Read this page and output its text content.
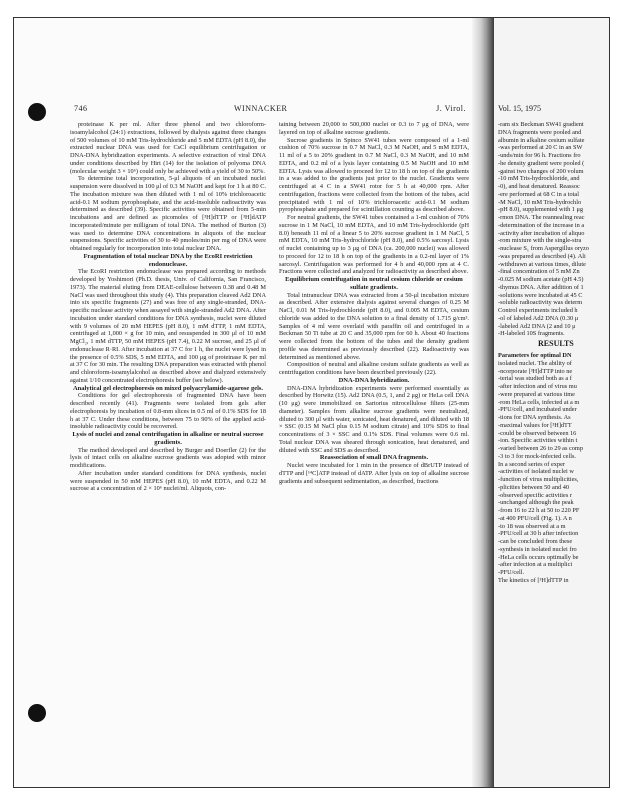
746	WINNACKER	J. Virol.

proteinase K per ml. After three phenol and two chloroform-isoamylalcohol (24:1) extractions, followed by dialysis against three changes of 500 volumes of 10 mM Tris-hydrochloride and 5 mM EDTA (pH 8.0), the extracted nuclear DNA was used for CsCl equilibrium centrifugation or DNA-DNA hybridization experiments. A selective extraction of viral DNA under conditions described by Hirt (14) for the isolation of polyoma DNA (molecular weight 3 × 10⁶) could only be achieved with a yield of 30 to 50%.

To determine total incorporation, 5-μl aliquots of an incubated nuclei suspension were dissolved in 100 μl of 0.3 M NaOH and kept for 1 h at 80 C. The incubation mixture was then diluted with 1 ml of 10% trichloroacetic acid-0.1 M sodium pyrophosphate, and the acid-insoluble radioactivity was determined as described (39). Specific activities were obtained from 5-min incubations and are defined as picomoles of [³H]dTTP or [³H]dATP incorporated/minute per milligram of total DNA. The method of Burton (3) was used to determine DNA concentrations in aliquots of the nuclear suspensions. Specific activities of 30 to 40 pmoles/min per mg of DNA were obtained regularly for incorporation into total nuclear DNA.

Fragmentation of total nuclear DNA by the EcoRI restriction endonuclease.

The EcoRI restriction endonuclease was prepared according to methods developed by Yoshimori (Ph.D. thesis, Univ. of California, San Francisco, 1973). The material eluting from DEAE-cellulose between 0.38 and 0.48 M NaCl was used throughout this study (4). This preparation cleaved Ad2 DNA into six specific fragments (27) and was free of any single-stranded, DNA-specific nuclease activity when assayed with single-stranded Ad2 DNA. After incubation under standard conditions for DNA synthesis, nuclei were diluted with 9 volumes of 20 mM HEPES (pH 8.0), 1 mM dTTP, 1 mM EDTA, centrifuged at 1,000 × g for 10 min, and resuspended in 300 μl of 10 mM MgCl₂, 1 mM dTTP, 50 mM HEPES (pH 7.4), 0.22 M sucrose, and 25 μl of endonuclease R·RI. After incubation at 37 C for 1 h, the nuclei were lysed in the presence of 0.5% SDS, 5 mM EDTA, and 100 μg of proteinase K per ml at 37 C for 30 min. The resulting DNA preparation was extracted with phenol and chloroform-isoamylalcohol as described above and dialyzed extensively against 1/10 concentrated electrophoresis buffer (see below).

Analytical gel electrophoresis on mixed polyacrylamide-agarose gels.

Conditions for gel electrophoresis of fragmented DNA have been described recently (41). Fragments were isolated from gels after electrophoresis by incubation of 0.8-mm slices in 0.5 ml of 0.1% SDS for 18 h at 37 C. Under these conditions, between 75 to 90% of the applied acid-insoluble radioactivity could be recovered.

Lysis of nuclei and zonal centrifugation in alkaline or neutral sucrose gradients.

The method developed and described by Burger and Doerfler (2) for the lysis of intact cells on alkaline sucrose gradients was adopted with minor modifications.

After incubation under standard conditions for DNA synthesis, nuclei were suspended in 50 mM HEPES (pH 8.0), 10 mM EDTA, and 0.22 M sucrose at a concentration of 2 × 10⁶ nuclei/ml. Aliquots, con-

taining between 20,000 to 500,000 nuclei or 0.3 to 7 μg of DNA, were layered on top of alkaline sucrose gradients.

Sucrose gradients in Spinco SW41 tubes were composed of a 1-ml cushion of 70% sucrose in 0.7 M NaCl, 0.3 M NaOH, and 5 mM EDTA, 11 ml of a 5 to 20% gradient in 0.7 M NaCl, 0.3 M NaOH, and 10 mM EDTA, and 0.2 ml of a lysis layer containing 0.5 M NaOH and 10 mM EDTA. Lysis was allowed to proceed for 12 to 18 h on top of the gradients in a was added to the gradients just prior to the nuclei. Gradients were centrifuged at 4 C in a SW41 rotor for 5 h at 40,000 rpm. After centrifugation, fractions were collected from the bottom of the tubes, acid precipitated with 1 ml of 10% trichloroacetic acid-0.1 M sodium pyrophosphate and prepared for scintillation counting as described above.

For neutral gradients, the SW41 tubes contained a 1-ml cushion of 70% sucrose in 1 M NaCl, 10 mM EDTA, and 10 mM Tris-hydrochloride (pH 8.0) beneath 11 ml of a linear 5 to 20% sucrose gradient in 1 M NaCl, 5 mM EDTA, 10 mM Tris-hydrochloride (pH 8.0), and 0.5% sarcosyl. Lysis of nuclei containing up to 3 μg of DNA (ca. 200,000 nuclei) was allowed to proceed for 12 to 18 h on top of the gradients in a 0.2-ml layer of 1% sarcosyl. Centrifugation was performed for 4 h and 40,000 rpm at 4 C. Fractions were collected and analyzed for radioactivity as described above.

Equilibrium centrifugation in neutral cesium chloride or cesium sulfate gradients.

Total intranuclear DNA was extracted from a 50-μl incubation mixture as described. After extensive dialysis against several changes of 0.25 M NaCl, 0.01 M Tris-hydrochloride (pH 8.0), and 0.005 M EDTA, cesium chloride was added to the DNA solution to a final density of 1.715 g/cm³. Samples of 4 ml were overlaid with paraffin oil and centrifuged in a Beckman 50 Ti tube at 20 C and 35,000 rpm for 60 h. About 40 fractions were collected from the bottom of the tubes and the density gradient profile was determined as previously described (22). Radioactivity was determined as mentioned above.

Composition of neutral and alkaline cesium sulfate gradients as well as centrifugation conditions have been described previously (22).

DNA-DNA hybridization.

DNA-DNA hybridization experiments were performed essentially as described by Horwitz (15). Ad2 DNA (0.5, 1, and 2 μg) or HeLa cell DNA (10 μg) were immobilized on Sartorius nitrocellulose filters (25-mm diameter). Samples from alkaline sucrose gradients were neutralized, diluted to 300 μl with water, sonicated, heat denatured, and diluted with 18 × SSC (0.15 M NaCl plus 0.15 M sodium citrate) and 10% SDS to final concentrations of 3 × SSC and 0.1% SDS. Final volumes were 0.6 ml. Total nuclear DNA was sheared through sonication, heat denatured, and diluted with SSC and SDS as described.

Reassociation of small DNA fragments.

Nuclei were incubated for 1 min in the presence of dBrUTP instead of dTTP and [¹⁴C]ATP instead of dATP. After lysis on top of alkaline sucrose gradients and subsequent sedimentation, as described, fractions

Vol. 15, 1975
-ram six Beckman SW41 gradient
DNA fragments were pooled and
albumin in alkaline cesium sulfate
-was performed at 20 C in an SW
-unds/min for 96 h. Fractions fro
-he density gradient were pooled (
-gainst two changes of 200 volum
-10 mM Tris-hydrochloride, and
-0), and heat denatured. Reassoc
-ere performed at 68 C in a total
-M NaCl, 10 mM Tris-hydrochlo
-pH 8.0), supplemented with 1 μg
-rmon DNA. The reannealing reac
-determination of the increase in a
-activity after incubation of aliquo
-rom mixture with the single-stra
-nuclease S₁ from Aspergillus oryzo
-was prepared as described (4). Ali
-withdrawn at various times, dilute
-final concentration of 5 mM Zn
-0.025 M sodium acetate (pH 4.5)
-thymus DNA. After addition of 1
-solutions were incubated at 45 C
-soluble radioactivity was determ
Control experiments included h
-ol of labeled Ad2 DNA (0.30 μ
-labeled Ad2 DNA (2 and 10 μ
-H-labeled 10S fragments.
RESULTS
Parameters for optimal DN
isolated nuclei. The ability of
-ncorporate [³H]dTTP into ne
-terial was studied both as a f
-after infection and of virus mu
-were prepared at various time
-rom HeLa cells, infected at a m
-PFU/cell, and incubated under
-tions for DNA synthesis. As
-maximal values for [³H]dTT
-could be observed between 16
-ion. Specific activities within t
-varied between 26 to 29 as comp
-3 to 3 for mock-infected cells.
In a second series of exper
-activities of isolated nuclei w
-function of virus multiplicities,
-plicities between 50 and 40
-observed specific activities r
-unchanged although the peak
-from 16 to 22 h at 50 to 220 PF
-at 400 PFU/cell (Fig. 1). A n
-to 18 was observed at a m
-PFU/cell at 30 h after infection
-can be concluded from these
-synthesis in isolated nuclei fro
-HeLa cells occurs optimally be
-after infection at a multiplici
-PFU/cell.
The kinetics of [³H]dTTP in
